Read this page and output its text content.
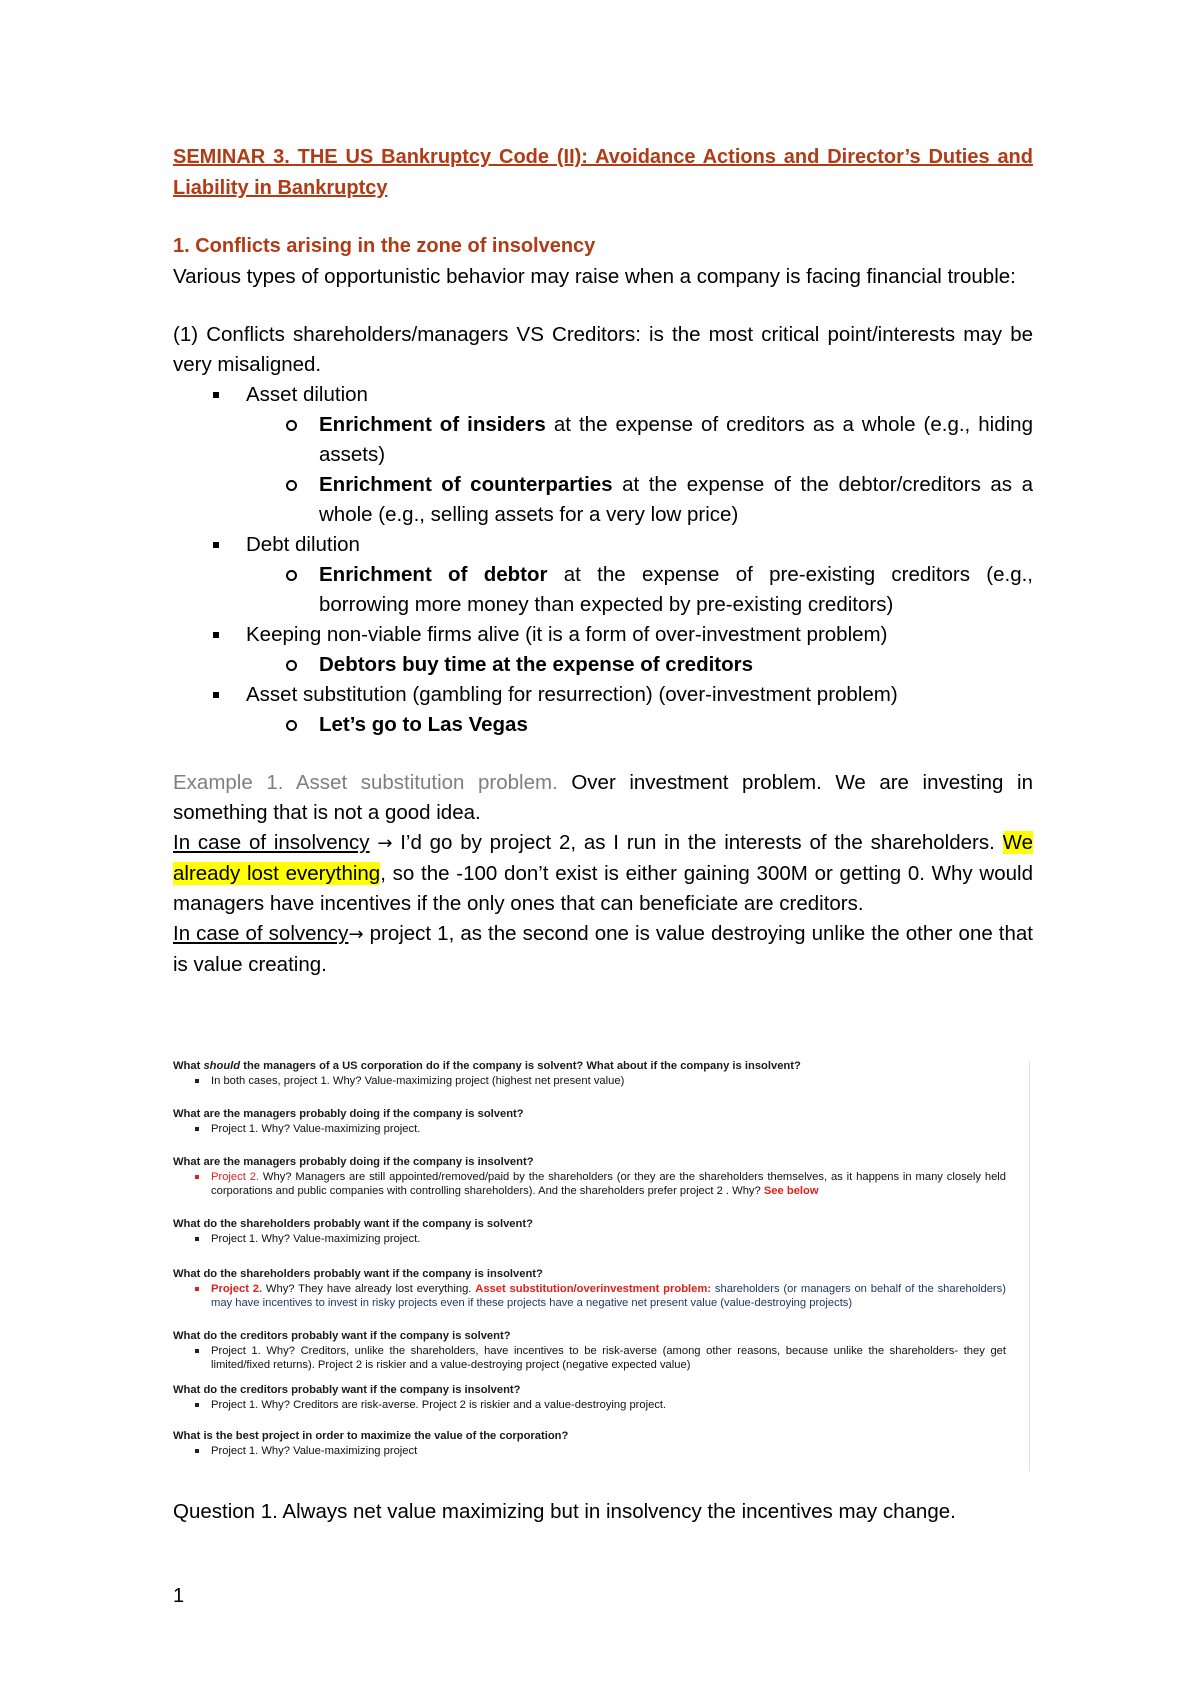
SEMINAR 3. THE US Bankruptcy Code (II): Avoidance Actions and Director’s Duties and Liability in Bankruptcy

1. Conflicts arising in the zone of insolvency

Various types of opportunistic behavior may raise when a company is facing financial trouble:

(1) Conflicts shareholders/managers VS Creditors: is the most critical point/interests may be very misaligned.

Asset dilution
Enrichment of insiders at the expense of creditors as a whole (e.g., hiding assets)
Enrichment of counterparties at the expense of the debtor/creditors as a whole (e.g., selling assets for a very low price)
Debt dilution
Enrichment of debtor at the expense of pre-existing creditors (e.g., borrowing more money than expected by pre-existing creditors)
Keeping non-viable firms alive (it is a form of over-investment problem)
Debtors buy time at the expense of creditors
Asset substitution (gambling for resurrection) (over-investment problem)
Let’s go to Las Vegas

Example 1. Asset substitution problem. Over investment problem. We are investing in something that is not a good idea.

In case of insolvency → I’d go by project 2, as I run in the interests of the shareholders. We already lost everything, so the -100 don’t exist is either gaining 300M or getting 0. Why would managers have incentives if the only ones that can beneficiate are creditors.

In case of solvency→ project 1, as the second one is value destroying unlike the other one that is value creating.

What should the managers of a US corporation do if the company is solvent? What about if the company is insolvent?

In both cases, project 1. Why? Value-maximizing project (highest net present value)

What are the managers probably doing if the company is solvent?

Project 1. Why? Value-maximizing project.

What are the managers probably doing if the company is insolvent?

Project 2. Why? Managers are still appointed/removed/paid by the shareholders (or they are the shareholders themselves, as it happens in many closely held corporations and public companies with controlling shareholders). And the shareholders prefer project 2 . Why? See below

What do the shareholders probably want if the company is solvent?

Project 1. Why? Value-maximizing project.

What do the shareholders probably want if the company is insolvent?

Project 2. Why? They have already lost everything. Asset substitution/overinvestment problem: shareholders (or managers on behalf of the shareholders) may have incentives to invest in risky projects even if these projects have a negative net present value (value-destroying projects)

What do the creditors probably want if the company is solvent?

Project 1. Why? Creditors, unlike the shareholders, have incentives to be risk-averse (among other reasons, because unlike the shareholders- they get limited/fixed returns). Project 2 is riskier and a value-destroying project (negative expected value)

What do the creditors probably want if the company is insolvent?

Project 1. Why? Creditors are risk-averse. Project 2 is riskier and a value-destroying project.

What is the best project in order to maximize the value of the corporation?

Project 1. Why? Value-maximizing project

Question 1. Always net value maximizing but in insolvency the incentives may change.

1
